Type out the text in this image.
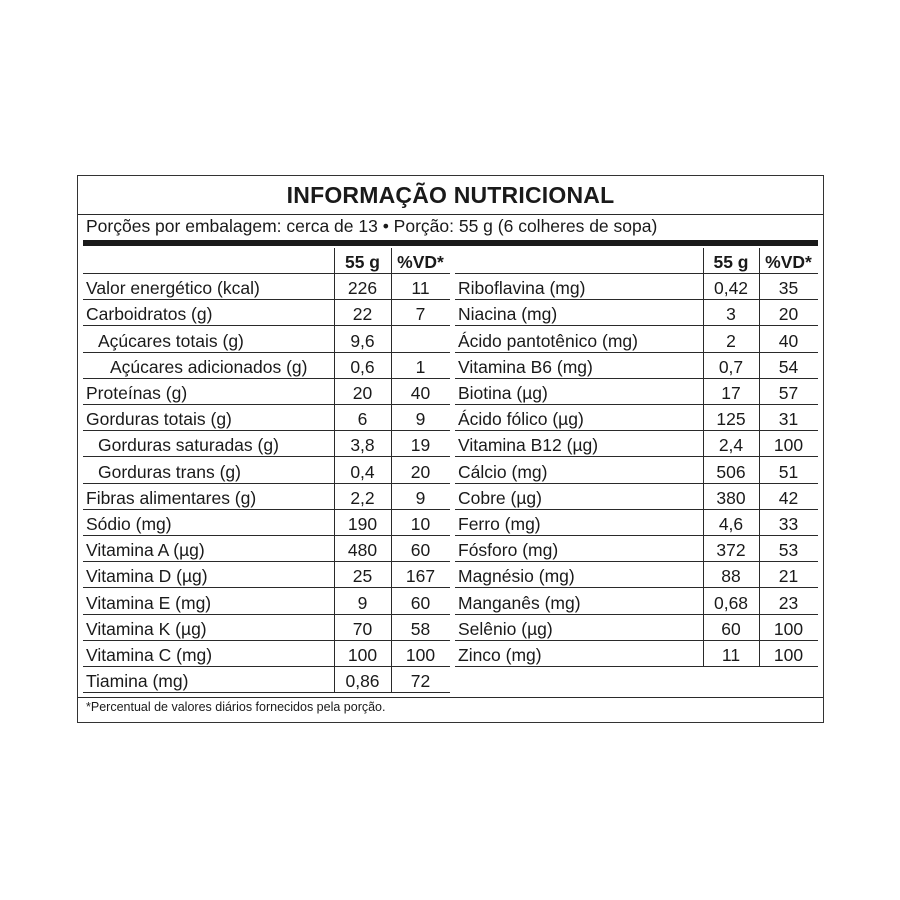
INFORMAÇÃO NUTRICIONAL
Porções por embalagem: cerca de 13 • Porção: 55 g (6 colheres de sopa)
55 g %VD*
Valor energético (kcal)	226	11
Carboidratos (g)	22	7
Açúcares totais (g)	9,6
Açúcares adicionados (g)	0,6	1
Proteínas (g)	20	40
Gorduras totais (g)	6	9
Gorduras saturadas (g)	3,8	19
Gorduras trans (g)	0,4	20
Fibras alimentares (g)	2,2	9
Sódio (mg)	190	10
Vitamina A (µg)	480	60
Vitamina D (µg)	25	167
Vitamina E (mg)	9	60
Vitamina K (µg)	70	58
Vitamina C (mg)	100	100
Tiamina (mg)	0,86	72
55 g %VD*
Riboflavina (mg)	0,42	35
Niacina (mg)	3	20
Ácido pantotênico (mg)	2	40
Vitamina B6 (mg)	0,7	54
Biotina (µg)	17	57
Ácido fólico (µg)	125	31
Vitamina B12 (µg)	2,4	100
Cálcio (mg)	506	51
Cobre (µg)	380	42
Ferro (mg)	4,6	33
Fósforo (mg)	372	53
Magnésio (mg)	88	21
Manganês (mg)	0,68	23
Selênio (µg)	60	100
Zinco (mg)	11	100
*Percentual de valores diários fornecidos pela porção.
